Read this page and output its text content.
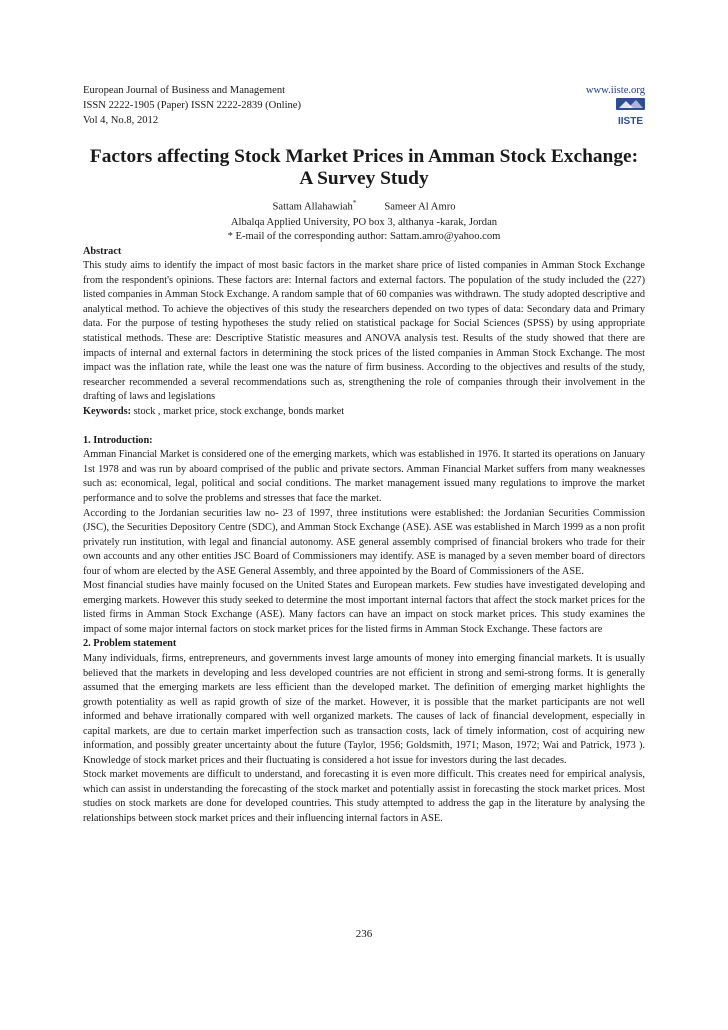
European Journal of Business and Management	www.iiste.org
ISSN 2222-1905 (Paper) ISSN 2222-2839 (Online)
Vol 4, No.8, 2012	IISTE
Factors affecting Stock Market Prices in Amman Stock Exchange:
A Survey Study
Sattam Allahawiah*	Sameer Al Amro
Albalqa Applied University, PO box 3, althanya -karak, Jordan
* E-mail of the corresponding author: Sattam.amro@yahoo.com

Abstract

This study aims to identify the impact of most basic factors in the market share price of listed companies in Amman Stock Exchange from the respondent's opinions. These factors are: Internal factors and external factors. The population of the study included the (227) listed companies in Amman Stock Exchange. A random sample that of 60 companies was withdrawn. The study adopted descriptive and analytical method. To achieve the objectives of this study the researchers depended on two types of data: Secondary data and Primary data. For the purpose of testing hypotheses the study relied on statistical package for Social Sciences (SPSS) by using appropriate statistical methods. These are: Descriptive Statistic measures and ANOVA analysis test. Results of the study showed that there are impacts of internal and external factors in determining the stock prices of the listed companies in Amman Stock Exchange. The most impact was the inflation rate, while the least one was the nature of firm business. According to the objectives and results of the study, researcher recommended a several recommendations such as, strengthening the role of companies through their involvement in the drafting of laws and legislations

Keywords: stock , market price, stock exchange, bonds market

1. Introduction:

Amman Financial Market is considered one of the emerging markets, which was established in 1976. It started its operations on January 1st 1978 and was run by aboard comprised of the public and private sectors. Amman Financial Market suffers from many weaknesses such as: economical, legal, political and social conditions. The market management issued many regulations to improve the market performance and to solve the problems and stresses that face the market.

According to the Jordanian securities law no- 23 of 1997, three institutions were established: the Jordanian Securities Commission (JSC), the Securities Depository Centre (SDC), and Amman Stock Exchange (ASE). ASE was established in March 1999 as a non profit privately run institution, with legal and financial autonomy. ASE general assembly comprised of financial brokers who trade for their own accounts and any other entities JSC Board of Commissioners may identify. ASE is managed by a seven member board of directors four of whom are elected by the ASE General Assembly, and three appointed by the Board of Commissioners of the ASE.

Most financial studies have mainly focused on the United States and European markets. Few studies have investigated developing and emerging markets. However this study seeked to determine the most important internal factors that affect the stock market prices for the listed firms in Amman Stock Exchange (ASE). Many factors can have an impact on stock market prices. This study examines the impact of some major internal factors on stock market prices for the listed firms in Amman Stock Exchange. These factors are

2. Problem statement

Many individuals, firms, entrepreneurs, and governments invest large amounts of money into emerging financial markets. It is usually believed that the markets in developing and less developed countries are not efficient in strong and semi-strong forms. It is generally assumed that the emerging markets are less efficient than the developed market. The definition of emerging market highlights the growth potentiality as well as rapid growth of size of the market. However, it is possible that the market participants are not well informed and behave irrationally compared with well organized markets. The causes of lack of financial development, especially in capital markets, are due to certain market imperfection such as transaction costs, lack of timely information, cost of acquiring new information, and possibly greater uncertainty about the future (Taylor, 1956; Goldsmith, 1971; Mason, 1972; Wai and Patrick, 1973 ). Knowledge of stock market prices and their fluctuating is considered a hot issue for investors during the last decades.

Stock market movements are difficult to understand, and forecasting it is even more difficult. This creates need for empirical analysis, which can assist in understanding the forecasting of the stock market and potentially assist in forecasting the stock market prices. Most studies on stock markets are done for developed countries. This study attempted to address the gap in the literature by analysing the relationships between stock market prices and their influencing internal factors in ASE.

236
